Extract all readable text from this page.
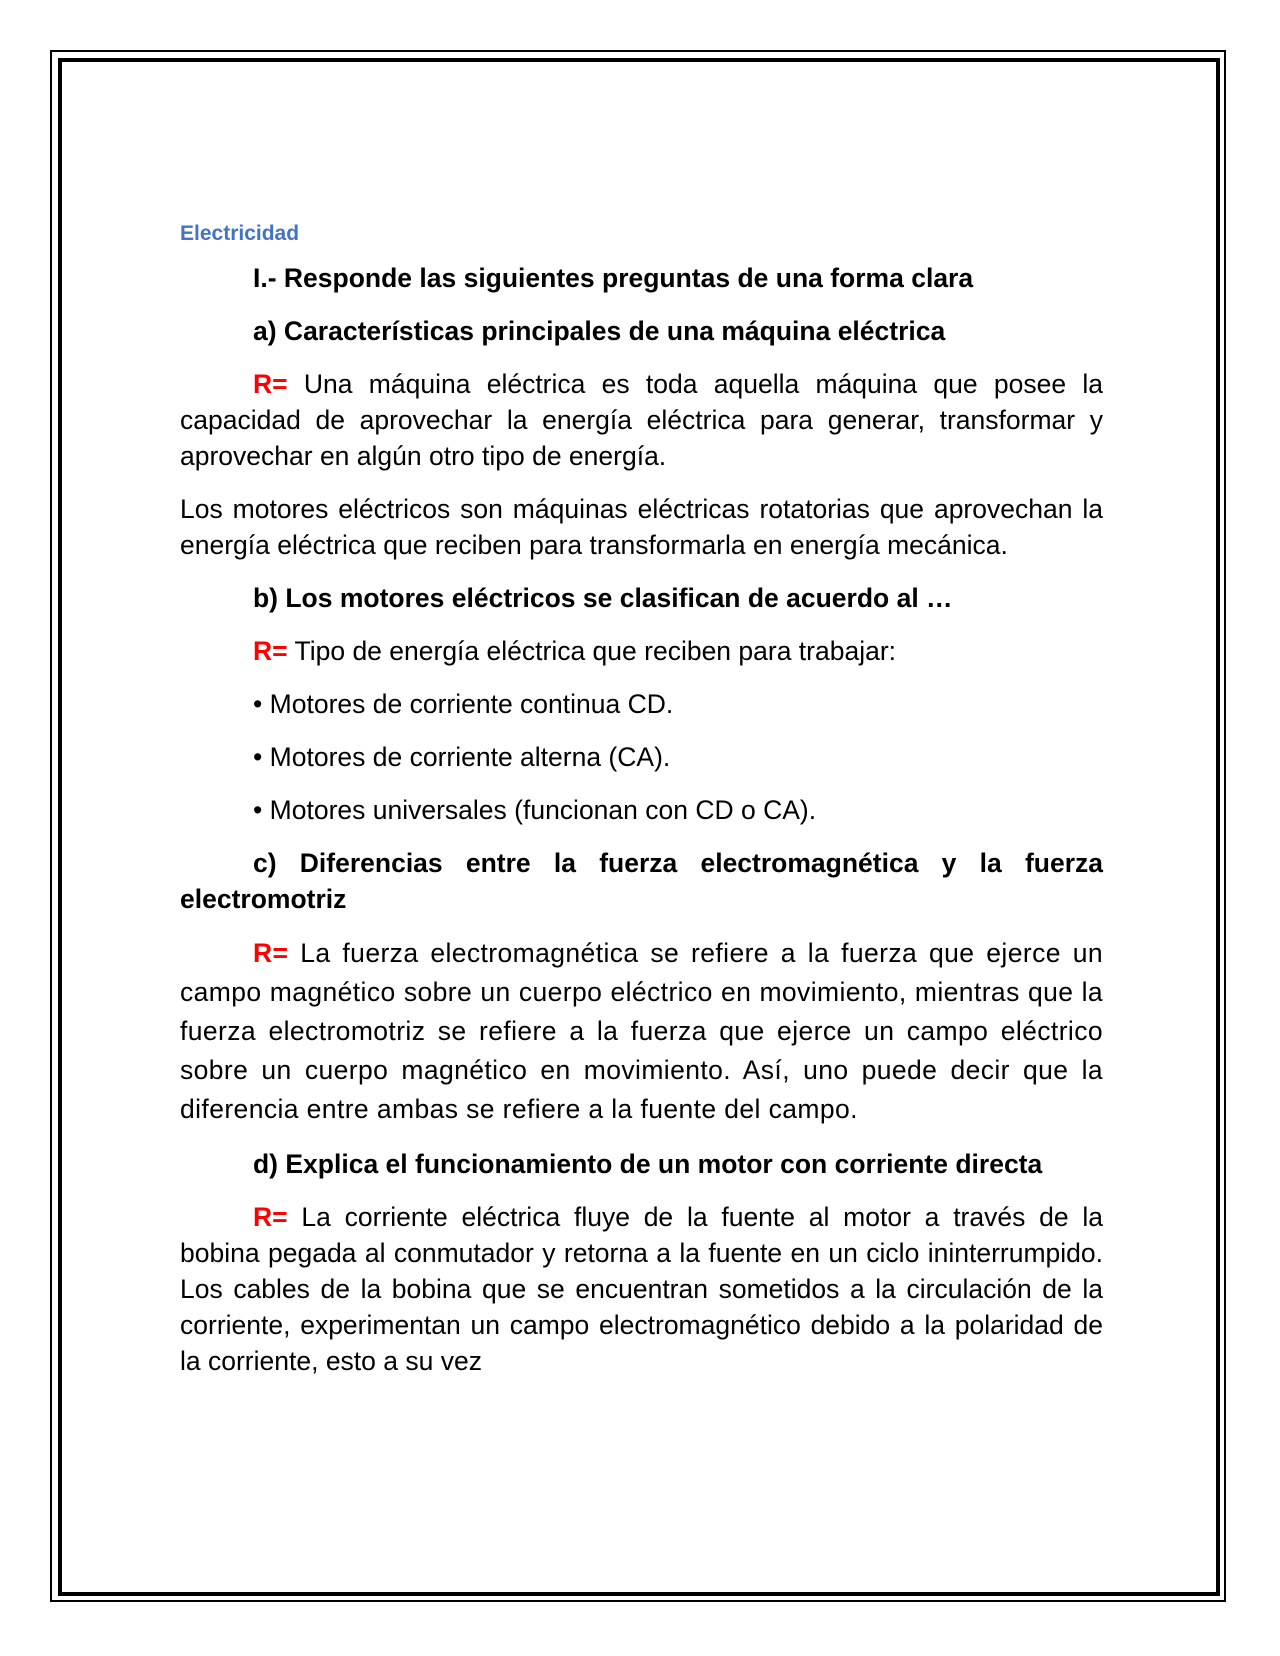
Electricidad

I.- Responde las siguientes preguntas de una forma clara

a) Características principales de una máquina eléctrica

R= Una máquina eléctrica es toda aquella máquina que posee la capacidad de aprovechar la energía eléctrica para generar, transformar y aprovechar en algún otro tipo de energía.

Los motores eléctricos son máquinas eléctricas rotatorias que aprovechan la energía eléctrica que reciben para transformarla en energía mecánica.

b) Los motores eléctricos se clasifican de acuerdo al …

R= Tipo de energía eléctrica que reciben para trabajar:

• Motores de corriente continua CD.

• Motores de corriente alterna (CA).

• Motores universales (funcionan con CD o CA).

c) Diferencias entre la fuerza electromagnética y la fuerza electromotriz

R= La fuerza electromagnética se refiere a la fuerza que ejerce un campo magnético sobre un cuerpo eléctrico en movimiento, mientras que la fuerza electromotriz se refiere a la fuerza que ejerce un campo eléctrico sobre un cuerpo magnético en movimiento. Así, uno puede decir que la diferencia entre ambas se refiere a la fuente del campo.

d) Explica el funcionamiento de un motor con corriente directa

R= La corriente eléctrica fluye de la fuente al motor a través de la bobina pegada al conmutador y retorna a la fuente en un ciclo ininterrumpido. Los cables de la bobina que se encuentran sometidos a la circulación de la corriente, experimentan un campo electromagnético debido a la polaridad de la corriente, esto a su vez
